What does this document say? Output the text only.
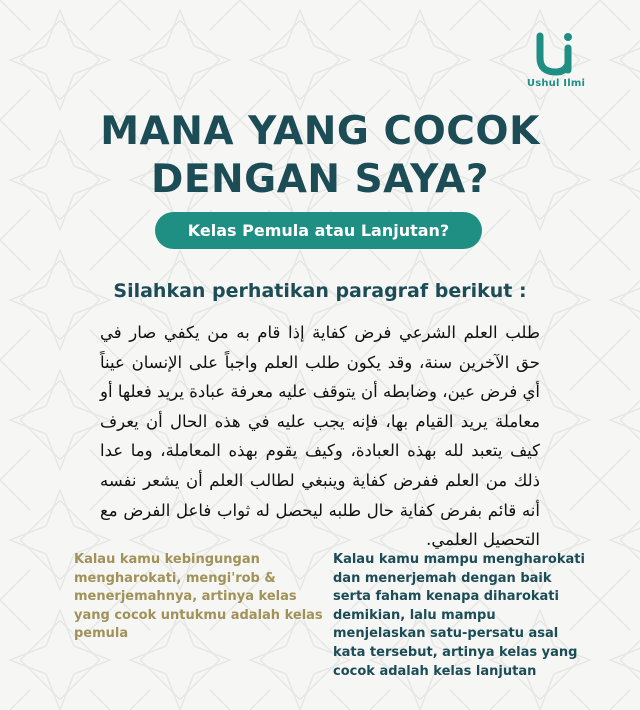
Ushul Ilmi
MANA YANG COCOK
DENGAN SAYA?
Kelas Pemula atau Lanjutan?
Silahkan perhatikan paragraf berikut :
طلب العلم الشرعي فرض كفاية إذا قام به من يكفي صار في حق الآخرين سنة، وقد يكون طلب العلم واجباً على الإنسان عيناً أي فرض عين، وضابطه أن يتوقف عليه معرفة عبادة يريد فعلها أو معاملة يريد القيام بها، فإنه يجب عليه في هذه الحال أن يعرف كيف يتعبد لله بهذه العبادة، وكيف يقوم بهذه المعاملة، وما عدا ذلك من العلم ففرض كفاية وينبغي لطالب العلم أن يشعر نفسه أنه قائم بفرض كفاية حال طلبه ليحصل له ثواب فاعل الفرض مع التحصيل العلمي.
Kalau kamu kebingungan
mengharokati, mengi'rob &
menerjemahnya, artinya kelas
yang cocok untukmu adalah kelas
pemula
Kalau kamu mampu mengharokati
dan menerjemah dengan baik
serta faham kenapa diharokati
demikian, lalu mampu
menjelaskan satu-persatu asal
kata tersebut, artinya kelas yang
cocok adalah kelas lanjutan
